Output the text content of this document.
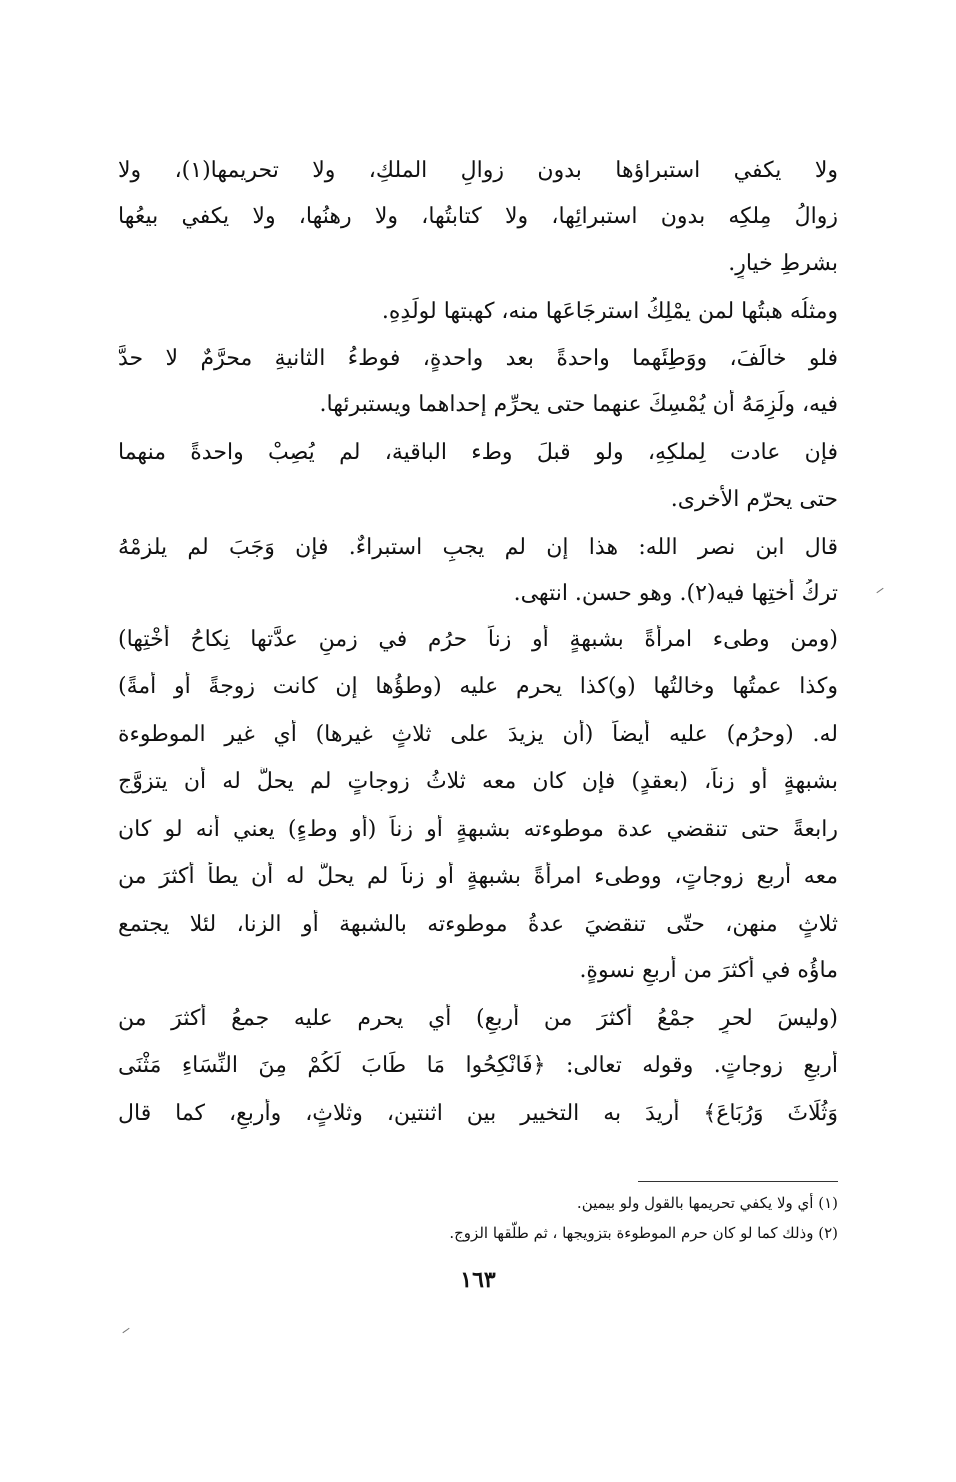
ولا يكفي استبراؤها بدون زوالِ الملكِ، ولا تحريمها(١)، ولا
زوالُ مِلكِه بدون استبرائِها، ولا كتابتُها، ولا رهنُها، ولا يكفي بيعُها
بشرطِ خيارٍ.
ومثلُه هبتُها لمن يمْلِكُ استرجَاعَها منه، كهبتها لولَدِهِ.
فلو خالَفَ، ووَطِئَهما واحدةً بعد واحدةٍ، فوطءُ الثانيةِ محرَّمٌ لا حدَّ
فيه، ولَزِمَهُ أن يُمْسِكَ عنهما حتى يحرِّم إحداهما ويستبرئها.
فإن عادت لِملكِهِ، ولو قبلَ وطء الباقية، لم يُصِبْ واحدةً منهما
حتى يحرّم الأخرى.
قال ابن نصر الله: هذا إن لم يجبِ استبراءٌ. فإن وَجَبَ لم يلزمْهُ
تركُ أختِها فيه(٢). وهو حسن. انتهى.
(ومن وطىء امرأةً بشبهةٍ أو زناً حرُم في زمنِ عدَّتها نِكاحُ أُخْتِها)
وكذا عمتُها وخالتُها (و)كذا يحرم عليه (وطؤُها إن كانت زوجةً أو أمةً)
له. (وحرُم) عليه أيضاً (أن يزيدَ على ثلاثٍ غيرها) أي غير الموطوءة
بشبهةٍ أو زناً، (بعقدٍ) فإن كان معه ثلاثُ زوجاتٍ لم يحلَّ له أن يتزوَّج
رابعةً حتى تنقضي عدة موطوءته بشبهةٍ أو زناً (أو وطءٍ) يعني أنه لو كان
معه أربع زوجاتٍ، ووطىء امرأةً بشبهةٍ أو زناً لم يحلَّ له أن يطأ أكثرَ من
ثلاثٍ منهن، حتّى تنقضيَ عدةُ موطوءته بالشبهة أو الزنا، لئلا يجتمع
ماؤُه في أكثرَ من أربعِ نسوةٍ.
(وليسَ لحرٍ جمْعُ أكثرَ من أربعٍ) أي يحرم عليه جمعُ أكثرَ من
أربعِ زوجاتٍ. وقوله تعالى: ﴿فَانْكِحُوا مَا طَابَ لَكُمْ مِنَ النِّسَاءِ مَثْنَى
وَثُلَاثَ وَرُبَاعَ﴾ أريدَ به التخيير بين اثنتين، وثلاثٍ، وأربعٍ، كما قال
(١) أي ولا يكفي تحريمها بالقول ولو بيمين.
(٢) وذلك كما لو كان حرم الموطوءة بتزويجها ، ثم طلّقها الزوج.
١٦٣
